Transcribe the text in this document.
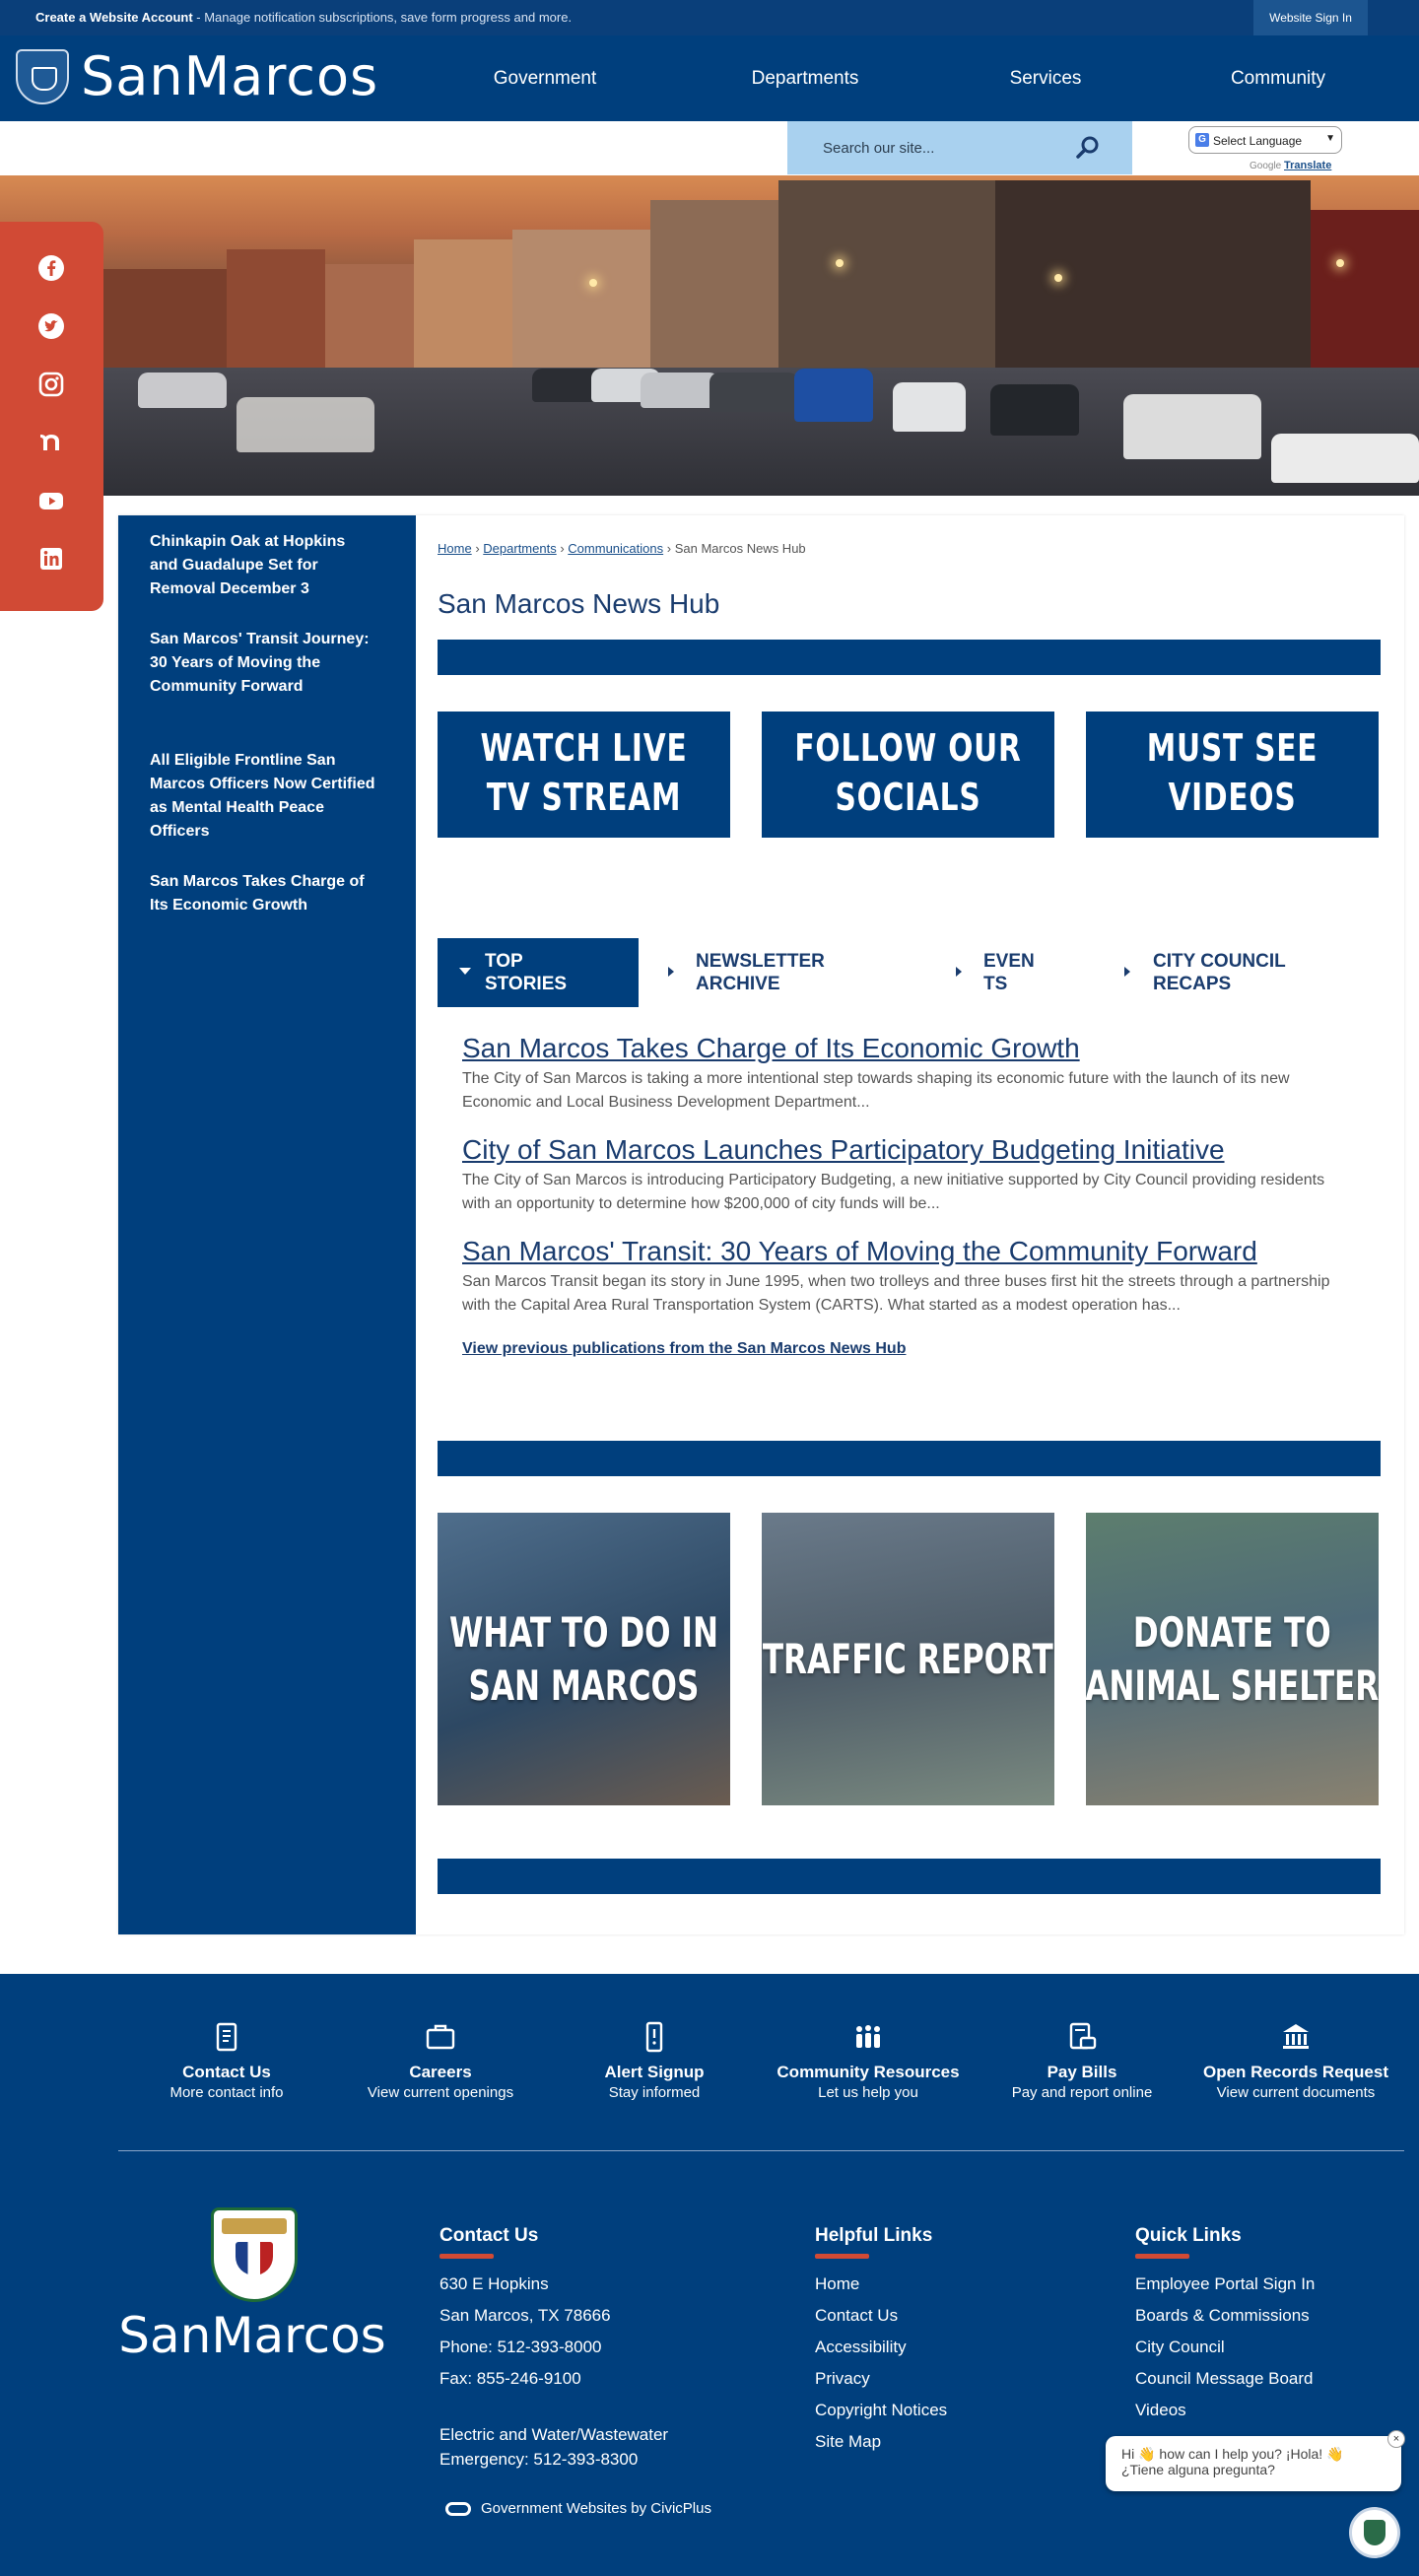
Create a Website Account - Manage notification subscriptions, save form progress and more.	Website Sign In
SanMarcos	Government	Departments	Services	Community
Search our site...
G Select Language ▼
Google Translate
Chinkapin Oak at Hopkins and Guadalupe Set for Removal December 3
San Marcos' Transit Journey: 30 Years of Moving the Community Forward
All Eligible Frontline San Marcos Officers Now Certified as Mental Health Peace Officers
San Marcos Takes Charge of Its Economic Growth
Home › Departments › Communications › San Marcos News Hub
San Marcos News Hub
WATCH LIVE
TV STREAM
FOLLOW OUR
SOCIALS
MUST SEE
VIDEOS
TOP
STORIES
NEWSLETTER
ARCHIVE
EVEN
TS
CITY COUNCIL
RECAPS
San Marcos Takes Charge of Its Economic Growth
The City of San Marcos is taking a more intentional step towards shaping its economic future with the launch of its new Economic and Local Business Development Department...
City of San Marcos Launches Participatory Budgeting Initiative
The City of San Marcos is introducing Participatory Budgeting, a new initiative supported by City Council providing residents with an opportunity to determine how $200,000 of city funds will be...
San Marcos' Transit: 30 Years of Moving the Community Forward
San Marcos Transit began its story in June 1995, when two trolleys and three buses first hit the streets through a partnership with the Capital Area Rural Transportation System (CARTS). What started as a modest operation has...
View previous publications from the San Marcos News Hub
WHAT TO DO IN
SAN MARCOS
TRAFFIC REPORT
DONATE TO
ANIMAL SHELTER
Contact Us
More contact info
Careers
View current openings
Alert Signup
Stay informed
Community Resources
Let us help you
Pay Bills
Pay and report online
Open Records Request
View current documents
SanMarcos
Contact Us
630 E Hopkins
San Marcos, TX 78666
Phone: 512-393-8000
Fax: 855-246-9100
Electric and Water/Wastewater
Emergency: 512-393-8300
Helpful Links
Home
Contact Us
Accessibility
Privacy
Copyright Notices
Site Map
Quick Links
Employee Portal Sign In
Boards & Commissions
City Council
Council Message Board
Videos
Government Websites by CivicPlus
Hi 👋 how can I help you? ¡Hola! 👋
¿Tiene alguna pregunta?
×
